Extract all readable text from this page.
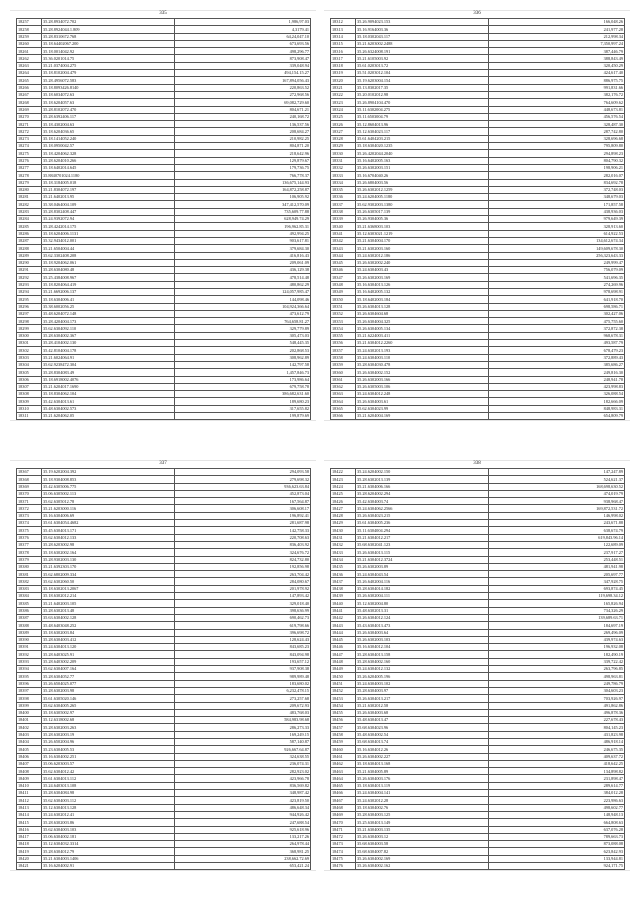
335
18257	35.28.8934072.702	1,986,97.03
18258	35.28.8924044.1.809	4,3179.41
18259	35.28.8310672.768	64,24,047.10
18260	35.18.64402067.200	673,693.56
18261	35.18.0014042.92	498,296.77
18262	35.36.0201014.75	873,908.47
18263	35.21.0374004.275	339,048.94
18264	35.18.8102004.479	494,154.15.27
18265	35.28.4956072.583	167,894,056.43
18266	35.18.8093426.8140	220,863.52
18267	35.18.6034072.63	272,968.56
18268	35.18.6204057.63	69,082,729.60
18269	35.28.8102072.470	804,671.21
18270	35.28.6392406.117	240,168.72
18271	35.18.4302004.63	136,537.56
18272	35.18.6204036.65	208,684.27
18273	35.18.1414052.240	210,982.25
18274	35.18.0950042.57	804,871.20
18275	35.18.4204062.328	218,642.96
18276	35.28.6204010.266	129,879.67
18277	35.18.6402014.645	179,736.75
18278	35.8840701024.1180	766,778.37
18279	35.18.3184005.018	136,675,144.93
18280	35.21.8304072.197	164,872,258.87
18281	35.21.6402013.95	106,905.92
18282	35.38.0464004.109	347,412,570.09
18283	35.28.8302408.447	735,609.77.88
18284	35.24.9392072.94	628,949.74.29
18285	35.28.4242014.175	196,962.85.31
18286	35.18.6204006.1131	492,994.25
18287	35.32.9434012.001	903,617.81
18288	35.21.6504004.44	379,684.30
18289	35.62.3302408.208	416,816.43
18290	35.18.9204062.061	209,061.09
18291	35.28.6304080.48	436,129.38
18292	35.25.4384008.967	478,514.48
18293	35.18.8204064.419	480,862.29
18294	35.21.6692006.137	124,057,985.47
18295	35.18.6304006.41	144,098.46
18296	35.38.6002056.25	104,924,366.64
18297	35.48.6204072.148	473,612.79
18298	35.28.4204004.173	764,658.81.27
18299	35.62.6304092.110	329,779.89
18300	35.28.6304002.367	305,473.03
18301	35.28.4104002.130	548,445.35
18302	35.42.8104004.178	202,868.53
18303	35.21.6024064.91	308,962.89
18304	35.62.9238472.304	142,797.58
18305	35.28.8304083.49	1,457,846.73
18306	35.18.6918002.4076	173,986.64
18307	35.21.6204017.1690	679,758.78
18308	35.18.8304062.104	386,682,631.60
18309	35.42.6304013.61	189,680.23
18310	35.48.6304002.573	317,655.82
18311	35.21.6204062.05	199,879.69
336
18312	35.26.9094023.153	166,048.26
18313	35.16.9164003.36	241,977.28
18314	35.18.0302043.117	212,998.34
18315	35.21.6203002.2488	7,350,997.24
18316	35.26.6324008.191	387,446.79
18317	35.21.6105003.92	388,843.49
18318	35.61.0203013.72	320,450.29
18319	35.51.0203012.104	424,617.40
18320	35.19.6203004.154	886,975.75
18321	35.13.8302017.35	991,831.66
18322	35.20.0102012.98	382,176.72
18323	35.26.8904104.470	764,609.62
18324	35.11.6302004.275	448,673.81
18325	35.11.6503004.79	456,576.54
18326	35.12.8604013.96	328,487.30
18327	35.12.6304023.117	287,742.80
18328	35.61.6404203.215	328,696.68
18329	35.18.6304020.1235	795,809.80
18330	35.26.4202044.2040	294,898.23
18331	35.16.6402005.163	804,790.32
18332	35.26.6302003.151	198,906.21
18333	35.16.6704040.26	282,016.07
18334	35.26.6804003.56	834,692.78
18335	35.26.6302012.1259	372,748.03
18336	35.24.6204005.1180	348,679.03
18337	35.62.9302003.1380	171,857.58
18338	35.26.6305017.139	438,936.03
18339	35.26.9304005.36	979,649.39
18340	35.21.6368003.103	328,913.60
18341	35.12.6303021.1219	614,922.53
18342	35.21.6304004.170	134,612,674.34
18343	35.21.6302003.160	149,609,678.30
18344	35.24.6302012.186	256,323,643.33
18345	35.26.6302002.240	249,999.47
18346	35.24.6304003.43	756,079.09
18347	35.26.6302003.169	541,696.35
18348	35.16.6304013.126	274,269.96
18349	35.16.6402005.132	978,698.91
18350	35.18.6402003.184	641,918.70
18351	35.26.6304013.128	698,586.71
18352	35.26.6304604.68	302,427.06
18353	35.26.6304004.325	475,755.60
18354	35.26.6304005.134	372,872.38
18355	35.21.6224003.411	968,678.31
18356	35.21.6304012.2260	493,587.79
18357	35.24.6302013.193	678,479.23
18358	35.24.6304003.110	372,889.43
18359	35.28.6304030.478	385,686.27
18360	35.26.6304002.152	249,816.30
18361	35.26.6302003.166	248,941.78
18362	35.26.6305003.106	423,998.83
18363	35.24.6304012.248	326,088.54
18364	35.26.6304003.61	182,666.09
18365	35.62.6304023.99	848,983.31
18366	35.21.6204004.169	654,809.79
337
18367	35.19.6202004.392	294,093.58
18368	35.18.9304008.853	279,698.32
18369	35.42.6305006.775	936,623.63.84
18370	35.06.6305002.113	452,873.04
18371	35.62.6305012.78	167,564.87
18372	35.21.6203000.116	306,608.17
18373	35.16.6304006.69	196,892.41
18374	35.61.6304054.4682	281,687.98
18375	35.45.6304013.171	142,758.33
18376	35.62.6304012.133	220,708.63
18377	35.28.6203002.98	836,403.92
18378	35.18.6302002.164	324,676.72
18379	35.28.9302003.130	824,732.80
18380	35.21.6392303.170	192,856.98
18381	35.62.6802009.334	263,704.42
18382	35.62.6302060.50	284,080.67
18383	35.18.6302013.2067	201,978.92
18384	35.18.6302012.214	147,893.42
18385	35.21.6402003.105	329,018.40
18386	35.28.6302013.48	398,636.99
18387	35.63.6304002.128	690,462.73
18388	35.48.6403048.252	619,798.66
18389	35.18.6302003.84	396,698.72
18390	35.28.6304003.412	128,624.43
18391	35.24.6304013.120	843,685.23
18392	35.28.6403025.91	843,094.98
18393	35.28.6403002.209	193,657.12
18394	35.62.6304007.164	937,908.38
18395	35.28.6304052.77	989,989.48
18396	35.26.6504025.077	183,680.02
18397	35.28.6302003.98	6,232,478.15
18398	35.61.6305020.146	273,257.68
18399	35.62.6304005.265	209,672.93
18400	35.18.6305002.97	483,768.03
18401	35.12.6318002.68	584,983.98.68
18402	35.28.6302003.263	286,273.33
18403	35.28.6302003.19	169,249.15
18404	35.26.6502004.96	587,140.87
18405	35.23.6304005.53	926,667.64.87
18406	35.16.6304002.251	324,638.55
18407	35.06.6203003.57	236,074.31
18408	35.62.6304012.42	282,923.02
18409	35.61.6304013.112	423,966.78
18410	35.24.6403013.108	836,569.82
18411	35.28.6304084.98	348,987.42
18412	35.62.6304003.112	423,819.50
18413	35.12.6304013.128	486,648.34
18414	35.24.6302012.41	944,926.42
18415	35.28.6302003.86	247,688.54
18416	35.62.6304003.103	925,618.96
18417	35.06.6304002.181	133,217.26
18418	35.12.6304032.3314	264,978.44
18419	35.28.6304012.79	368,981.25
18420	35.21.6304003.1406	238,662.72.69
18421	35.16.6204002.91	653,421.24
338
18422	35.24.6204002.150	147,247.89
18423	35.28.6302013.139	524,621.37
18424	35.21.6304006.166	168,698,630.52
18425	35.28.6204002.294	474,019.79
18426	35.42.6304003.74	938,968.47
18427	35.24.6304062.2566	169,872,531.72
18428	35.26.6304023.215	146,998.02
18429	35.61.6304005.236	243,671.88
18430	35.11.6304004.294	638,674.79
18431	35.21.6304012.217	619,843.96.14
18432	35.68.6302041.123	122,689.09
18433	35.26.6304013.115	237,917.27
18434	35.21.6304012.3724	253,448.51
18435	35.26.6302003.89	481,941.98
18436	35.24.6304043.54	205,697.77
18437	35.26.6402004.116	347,928.75
18438	35.28.6304014.182	693,874.45
18439	35.26.6302004.111	119,698.34.12
18440	35.12.6302004.80	165,826.94
18441	35.48.6302013.31	734,326.29
18442	35.26.6304012.124	139,689.63.71
18443	35.43.6304013.473	184,697.19
18444	35.26.6304003.64	269,496.09
18445	35.26.6302003.103	439,974.63
18446	35.16.6304012.104	196,932.08
18447	35.28.6304013.158	182,490.19
18448	35.28.6304002.160	339,722.42
18449	35.24.6304012.132	263,796.85
18450	35.26.6204005.196	498,963.81
18451	35.24.6304003.102	249,786.79
18452	35.28.6304003.97	304,603.23
18453	35.26.6304013.217	703,926.97
18454	35.21.6302012.58	491,862.86
18455	35.26.6304003.68	496,878.36
18456	35.48.6304013.47	227,678.43
18457	35.68.6304023.96	804,145.23
18458	35.48.6304002.54	431,823.98
18459	35.68.6304013.74	486,918.14
18460	35.16.6304012.26	246,675.35
18461	35.26.6304002.227	409,637.72
18462	35.18.6304013.168	418,642.25
18463	35.21.6304005.89	134,898.82
18464	35.26.6304003.176	231,898.47
18465	35.18.6304013.119	289,614.77
18466	35.24.6304004.141	384,012.28
18467	35.24.6302012.28	223,986.63
18468	35.18.6304002.76	498,602.77
18469	35.28.6304003.125	148,948.13
18470	35.25.6304013.149	664,808.63
18471	35.21.6304003.135	637,076.28
18472	35.26.6304003.12	789,663.73
18473	35.68.6304003.58	873,088.08
18474	35.68.6304007.82	623,842.93
18475	35.26.6304002.169	133,944.81
18476	35.26.6304002.162	924,171.75
